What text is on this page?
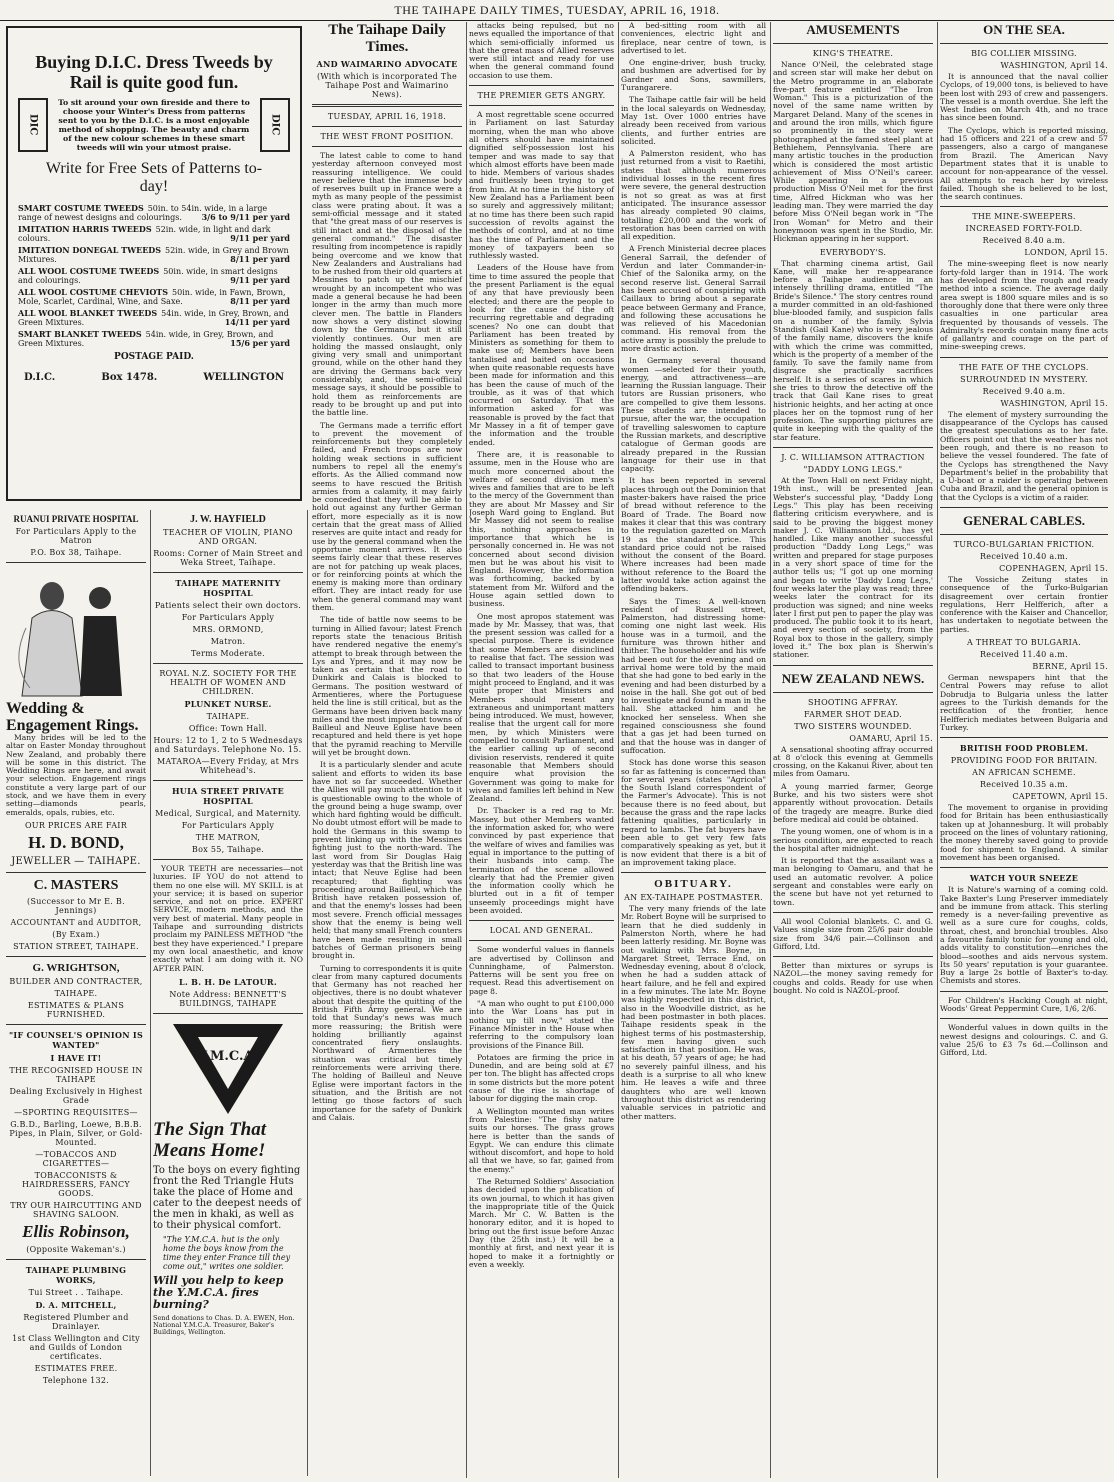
THE TAIHAPE DAILY TIMES, TUESDAY, APRIL 16, 1918.
Buying D.I.C. Dress Tweeds by Rail is quite good fun.
DIC
To sit around your own fireside and there to choose your Winter's Dress from patterns sent to you by the D.I.C. is a most enjoyable method of shopping. The beauty and charm of the new colour schemes in these smart tweeds will win your utmost praise.
DIC
Write for Free Sets of Patterns to-day!
SMART COSTUME TWEEDS 50in. to 54in. wide, in a large range of newest designs and colourings. 3/6 to 9/11 per yard
IMITATION HARRIS TWEEDS 52in. wide, in light and dark colours.	9/11 per yard
IMITATION DONEGAL TWEEDS 52in. wide, in Grey and Brown Mixtures.	8/11 per yard
ALL WOOL COSTUME TWEEDS 50in. wide, in smart designs and colourings.	9/11 per yard
ALL WOOL COSTUME CHEVIOTS 50in. wide, in Fawn, Brown, Mole, Scarlet, Cardinal, Wine, and Saxe.	8/11 per yard
ALL WOOL BLANKET TWEEDS 54in. wide, in Grey, Brown, and Green Mixtures.	14/11 per yard
SMART BLANKET TWEEDS 54in. wide, in Grey, Brown, and Green Mixtures.	15/6 per yard
POSTAGE PAID.
D.I.C.	Box 1478.	WELLINGTON
RUANUI PRIVATE HOSPITAL
For Particulars Apply to the Matron
P.O. Box 38, Taihape.
Wedding & Engagement Rings.

Many brides will be led to the altar on Easter Monday throughout New Zealand, and probably there will be some in this district. The Wedding Rings are here, and await your selection. Engagement rings constitute a very large part of our stock, and we have them in every setting—diamonds pearls, emeralds, opals, rubies, etc.

OUR PRICES ARE FAIR
H. D. BOND,
JEWELLER — TAIHAPE.
C. MASTERS
(Successor to Mr E. B. Jennings)
ACCOUNTANT and AUDITOR,
(By Exam.)
STATION STREET, TAIHAPE.
G. WRIGHTSON,
BUILDER AND CONTRACTER,
TAIHAPE.
ESTIMATES & PLANS FURNISHED.
"IF COUNSEL'S OPINION IS WANTED"
I HAVE IT!
THE RECOGNISED HOUSE IN TAIHAPE
Dealing Exclusively in Highest Grade
—SPORTING REQUISITES—
G.B.D., Barling, Loewe, B.B.B. Pipes, in Plain, Silver, or Gold-Mounted.
—TOBACCOS AND CIGARETTES—
TOBACCONISTS & HAIRDRESSERS, FANCY GOODS.
TRY OUR HAIRCUTTING AND SHAVING SALOON.
Ellis Robinson,
(Opposite Wakeman's.)
TAIHAPE PLUMBING WORKS,
Tui Street . . Taihape.
D. A. MITCHELL,
Registered Plumber and Drainlayer.
1st Class Wellington and City and Guilds of London certificates.
ESTIMATES FREE.
Telephone 132.
J. W. HAYFIELD
TEACHER OF VIOLIN, PIANO AND ORGAN.
Rooms: Corner of Main Street and Weka Street, Taihape.
TAIHAPE MATERNITY HOSPITAL
Patients select their own doctors.
For Particulars Apply
MRS. ORMOND,
Matron.
Terms Moderate.
ROYAL N.Z. SOCIETY FOR THE HEALTH OF WOMEN AND CHILDREN.
PLUNKET NURSE.
TAIHAPE.
Office: Town Hall.
Hours: 12 to 1, 2 to 5 Wednesdays and Saturdays. Telephone No. 15.
MATAROA—Every Friday, at Mrs Whitehead's.
HUIA STREET PRIVATE HOSPITAL
Medical, Surgical, and Maternity.
For Particulars Apply
THE MATRON,
Box 55, Taihape.

YOUR TEETH are necessaries—not luxuries. IF YOU do not attend to them no one else will. MY SKILL is at your service; it is based on superior service, and not on price. EXPERT SERVICE, modern methods, and the very best of material. Many people in Taihape and surrounding districts proclaim my PAINLESS METHOD "the best they have experienced." I prepare my own local anaesthetic, and know exactly what I am doing with it. NO AFTER PAIN.

L. B. H. De LATOUR.
Note Address: BENNETT'S BUILDINGS, TAIHAPE
Y.M.C.A.
The Sign That Means Home!
To the boys on every fighting front the Red Triangle Huts take the place of Home and cater to the deepest needs of the men in khaki, as well as to their physical comfort.
"The Y.M.C.A. hut is the only home the boys know from the time they enter France till they come out," writes one soldier.
Will you help to keep the Y.M.C.A. fires burning?
Send donations to Chas. D. A. EWEN, Hon. National Y.M.C.A. Treasurer, Baker's Buildings, Wellington.
The Taihape Daily Times.
AND WAIMARINO ADVOCATE
(With which is incorporated The Taihape Post and Waimarino News).
TUESDAY, APRIL 16, 1918.
THE WEST FRONT POSITION.

The latest cable to come to hand yesterday afternoon conveyed most reassuring intelligence. We could never believe that the immense body of reserves built up in France were a myth as many people of the pessimist class were prating about. It was a semi-official message and it stated that "the great mass of our reserves is still intact and at the disposal of the general command." The disaster resulting from incompetence is rapidly being overcome and we know that New Zealanders and Australians had to be rushed from their old quarters at Messines to patch up the mischief wrought by an incompetent who was made a general because he had been longer in the army than much more clever men. The battle in Flanders now shows a very distinct slowing down by the Germans, but it still violently continues. Our men are holding the massed onslaught, only giving very small and unimportant ground, while on the other hand they are driving the Germans back very considerably, and, the semi-official message says, it should be possible to hold them as reinforcements are ready to be brought up and put into the battle line.

The Germans made a terrific effort to prevent the movement of reinforcements but they completely failed, and French troops are now holding weak sections in sufficient numbers to repel all the enemy's efforts. As the Allied command now seems to have rescued the British armies from a calamity, it may fairly be conceded that they will be able to hold out against any further German effort, more especially as it is now certain that the great mass of Allied reserves are quite intact and ready for use by the general command when the opportune moment arrives. It also seems fairly clear that these reserves are not for patching up weak places, or for reinforcing points at which the enemy is making more than ordinary effort. They are intact ready for use when the general command may want them.

The tide of battle now seems to be turning in Allied favour; latest French reports state the tenacious British have rendered negative the enemy's attempt to break through between the Lys and Ypres, and it may now be taken as certain that the road to Dunkirk and Calais is blocked to Germans. The position westward of Armentieres, where the Portuguese held the line is still critical, but as the Germans have been driven back many miles and the most important towns of Bailleul and Neuve Eglise have been recaptured and held there is yet hope that the pyramid reaching to Merville will yet be brought down.

It is a particularly slender and acute salient and efforts to widen its base have not so far succeeded. Whether the Allies will pay much attention to it is questionable owing to the whole of the ground being a huge swamp, over which hard fighting would be difficult. No doubt utmost effort will be made to hold the Germans in this swamp to prevent linking up with the Messines fighting just to the north-ward. The last word from Sir Douglas Haig yesterday was that the British line was intact; that Neuve Eglise had been recaptured; that fighting was proceeding around Bailleul, which the British have retaken possession of, and that the enemy's losses had been most severe. French official messages show that the enemy is being well held; that many small French counters have been made resulting in small batches of German prisoners being brought in.

Turning to correspondents it is quite clear from many captured documents that Germany has not reached her objectives, there is no doubt whatever about that despite the quitting of the British Fifth Army general. We are told that Sunday's news was much more reassuring; the British were holding brilliantly against concentrated fiery onslaughts. Northward of Armentieres the situation was critical but timely reinforcements were arriving there. The holding of Bailleul and Neuve Eglise were important factors in the situation, and the British are not letting go those factors of such importance for the safety of Dunkirk and Calais.

attacks being repulsed, but no news equalled the importance of that which semi-officially informed us that the great mass of Allied reserves were still intact and ready for use when the general command found occasion to use them.

THE PREMIER GETS ANGRY.

A most regrettable scene occurred in Parliament on last Saturday morning, when the man who above all others should have maintained dignified self-possession lost his temper and was made to say that which almost efforts have been made to hide. Members of various shades and fruitlessly been trying to get from him. At no time in the history of New Zealand has a Parliament been so surely and aggressively militant; at no time has there been such rapid succession of revolts against the methods of control, and at no time has the time of Parliament and the money of taxpayers been so ruthlessly wasted.

Leaders of the House have from time to time assured the people that the present Parliament is the equal of any that have previously been elected; and there are the people to look for the cause of the oft recurring regrettable and degrading scenes? No one can doubt that Parliament has been treated by Ministers as something for them to make use of; Members have been tantalised and baited on occasions when quite reasonable requests have been made for information and this has been the cause of much of the trouble, as it was of that which occurred on Saturday. That the information asked for was reasonable is proved by the fact that Mr Massey in a fit of temper gave the information and the trouble ended.

There are, it is reasonable to assume, men in the House who are much more concerned about the welfare of second division men's wives and families that are to be left to the mercy of the Government than they are about Mr Massey and Sir Joseph Ward going to England. But Mr Massey did not seem to realise this, nothing approaches in importance that which he is personally concerned in. He was not concerned about second division men but he was about his visit to England. However, the information was forthcoming, backed by a statement from Mr. Wilford and the House again settled down to business.

One most apropos statement was made by Mr. Massey, that was, that the present session was called for a special purpose. There is evidence that some Members are disinclined to realise that fact. The session was called to transact important business so that two leaders of the House might proceed to England, and it was quite proper that Ministers and Members should resent any extraneous and unimportant matters being introduced. We must, however, realise that the urgent call for more men, by which Ministers were compelled to consult Parliament, and the earlier calling up of second division reservists, rendered it quite reasonable that Members should enquire what provision the Government was going to make for wives and families left behind in New Zealand.

Dr. Thacker is a red rag to Mr. Massey, but other Members wanted the information asked for, who were convinced by past experience that the welfare of wives and families was equal in importance to the putting of their husbands into camp. The termination of the scene allowed clearly that had the Premier given the information coolly which he blurted out in a fit of temper unseemly proceedings might have been avoided.

LOCAL AND GENERAL.

Some wonderful values in flannels are advertised by Collinson and Cunninghame, of Palmerston. Patterns will be sent you free on request. Read this advertisement on page 8.

"A man who ought to put £100,000 into the War Loans has put in nothing up till now," stated the Finance Minister in the House when referring to the compulsory loan provisions of the Finance Bill.

Potatoes are firming the price in Dunedin, and are being sold at £7 per ton. The blight has affected crops in some districts but the more potent cause of the rise is shortage of labour for digging the main crop.

A Wellington mounted man writes from Palestine: "The fishy nature suits our horses. The grass grows here is better than the sands of Egypt. We can endure this climate without discomfort, and hope to hold all that we have, so far, gained from the enemy."

The Returned Soldiers' Association has decided upon the publication of its own journal, to which it has given the inappropriate title of the Quick March. Mr C. W. Batten is the honorary editor, and it is hoped to bring out the first issue before Anzac Day (the 25th inst.) It will be a monthly at first, and next year it is hoped to make it a fortnightly or even a weekly.

A bed-sitting room with all conveniences, electric light and fireplace, near centre of town, is advertised to let.

One engine-driver, bush trucky, and bushmen are advertised for by Gardner and Sons, sawmillers, Turangarere.

The Taihape cattle fair will be held in the local saleyards on Wednesday, May 1st. Over 1000 entries have already been received from various clients, and further entries are solicited.

A Palmerston resident, who has just returned from a visit to Raetihi, states that although numerous individual losses in the recent fires were severe, the general destruction is not so great as was at first anticipated. The insurance assessor has already completed 90 claims, totalling £20,000 and the work of restoration has been carried on with all expedition.

A French Ministerial decree places General Sarrail, the defender of Verdun and later Commander-in-Chief of the Salonika army, on the second reserve list. General Sarrail has been accused of conspiring with Caillaux to bring about a separate peace between Germany and France, and following these accusations he was relieved of his Macedonian command. His removal from the active army is possibly the prelude to more drastic action.

In Germany several thousand women —selected for their youth, energy, and attractiveness—are learning the Russian language. Their tutors are Russian prisoners, who are compelled to give them lessons. These students are intended to pursue, after the war, the occupation of travelling saleswomen to capture the Russian markets, and descriptive catalogue of German goods are already prepared in the Russian language for their use in that capacity.

It has been reported in several places through out the Dominion that master-bakers have raised the price of bread without reference to the Board of Trade. The Board now makes it clear that this was contrary to the regulation gazetted on March 19 as the standard price. This standard price could not be raised without the consent of the Board. Where increases had been made without reference to the Board the latter would take action against the offending bakers.

Says the Times: A well-known resident of Russell street, Palmerston, had distressing home-coming one night last week. His house was in a turmoil, and the furniture was thrown hither and thither. The householder and his wife had been out for the evening and on arrival home were told by the maid that she had gone to bed early in the evening and had been disturbed by a noise in the hall. She got out of bed to investigate and found a man in the hall. She attacked him and he knocked her senseless. When she regained consciousness she found that a gas jet had been turned on and that the house was in danger of suffocation.

Stock has done worse this season so far as fattening is concerned than for several years (states "Agricola" the South Island correspondent of the Farmer's Advocate). This is not because there is no feed about, but because the grass and the rape lacks fattening qualities, particularly in regard to lambs. The fat buyers have been able to get very few fats comparatively speaking as yet, but it is now evident that there is a bit of an improvement taking place.

OBITUARY.
AN EX-TAIHAPE POSTMASTER.

The very many friends of the late Mr. Robert Boyne will be surprised to learn that he died suddenly in Palmerston North, where he had been latterly residing. Mr. Boyne was out walking with Mrs. Boyne, in Margaret Street, Terrace End, on Wednesday evening, about 8 o'clock, when he had a sudden attack of heart failure, and he fell and expired in a few minutes. The late Mr. Boyne was highly respected in this district, also in the Woodville district, as he had been postmaster in both places. Taihape residents speak in the highest terms of his postmastership, few men having given such satisfaction in that position. He was, at his death, 57 years of age; he had no severely painful illness, and his death is a surprise to all who knew him. He leaves a wife and three daughters who are well known throughout this district as rendering valuable services in patriotic and other matters.

AMUSEMENTS
KING'S THEATRE.

Nance O'Neil, the celebrated stage and screen star will make her debut on the Metro programme in an elaborate five-part feature entitled "The Iron Woman." This is a picturization of the novel of the same name written by Margaret Deland. Many of the scenes in and around the iron mills, which figure so prominently in the story were photographed at the famed steel plant at Bethlehem, Pennsylvania. There are many artistic touches in the production which is considered the most artistic achievement of Miss O'Neil's career. While appearing in a previous production Miss O'Neil met for the first time, Alfred Hickman who was her leading man. They were married the day before Miss O'Neil began work in "The Iron Woman" for Metro and their honeymoon was spent in the Studio, Mr. Hickman appearing in her support.

EVERYBODY'S.

That charming cinema artist, Gail Kane, will make her re-appearance before a Taihape audience in an intensely thrilling drama, entitled "The Bride's Silence." The story centres round a murder committed in an old-fashioned blue-blooded family, and suspicion falls on a number of the family. Sylvia Standish (Gail Kane) who is very jealous of the family name, discovers the knife with which the crime was committed, which is the property of a member of the family. To save the family name from disgrace she practically sacrifices herself. It is a series of scares in which she tries to throw the detective off the track that Gail Kane rises to great histrionic heights, and her acting at once places her on the topmost rung of her profession. The supporting pictures are quite in keeping with the quality of the star feature.

J. C. WILLIAMSON ATTRACTION
"DADDY LONG LEGS."

At the Town Hall on next Friday night, 19th inst., will be presented Jean Webster's successful play, "Daddy Long Legs." This play has been receiving flattering criticism everywhere, and is said to be proving the biggest money maker J. C. Williamson Ltd., has yet handled. Like many another successful production "Daddy Long Legs," was written and prepared for stage purposes in a very short space of time for the author tells us; "I got up one morning and began to write 'Daddy Long Legs,' four weeks later the play was read; three weeks later the contract for its production was signed; and nine weeks later I first put pen to paper the play was produced. The public took it to its heart, and every section of society, from the Royal box to those in the gallery, simply loved it." The box plan is Sherwin's stationer.

NEW ZEALAND NEWS.
SHOOTING AFFRAY.
FARMER SHOT DEAD.
TWO SISTERS WOUNDED.
OAMARU, April 15.

A sensational shooting affray occurred at 8 o'clock this evening at Gemmells crossing, on the Kakanui River, about ten miles from Oamaru.

A young married farmer, George Burke, and his two sisters were shot apparently without provocation. Details of the tragedy are meagre. Burke died before medical aid could be obtained.

The young women, one of whom is in a serious condition, are expected to reach the hospital after midnight.

It is reported that the assailant was a man belonging to Oamaru, and that he used an automatic revolver. A police sergeant and constables were early on the scene but have not yet returned to town.

All wool Colonial blankets. C. and G. Values single size from 25/6 pair double size from 34/6 pair.—Collinson and Gifford, Ltd.

Better than mixtures or syrups is NAZOL—the money saving remedy for coughs and colds. Ready for use when bought. No cold is NAZOL-proof.

ON THE SEA.
BIG COLLIER MISSING.
WASHINGTON, April 14.

It is announced that the naval collier Cyclops, of 19,000 tons, is believed to have been lost with 293 of crew and passengers. The vessel is a month overdue. She left the West Indies on March 4th, and no trace has since been found.

The Cyclops, which is reported missing, had 15 officers and 221 of a crew and 57 passengers, also a cargo of manganese from Brazil. The American Navy Department states that it is unable to account for non-appearance of the vessel. All attempts to reach her by wireless failed. Though she is believed to be lost, the search continues.

THE MINE-SWEEPERS.
INCREASED FORTY-FOLD.
Received 8.40 a.m.
LONDON, April 15.

The mine-sweeping fleet is now nearly forty-fold larger than in 1914. The work has developed from the rough and ready method into a science. The average daily area swept is 1800 square miles and is so thoroughly done that there were only three casualties in one particular area frequented by thousands of vessels. The Admiralty's records contain many fine acts of gallantry and courage on the part of mine-sweeping crews.

THE FATE OF THE CYCLOPS.
SURROUNDED IN MYSTERY.
Received 9.40 a.m.
WASHINGTON, April 15.

The element of mystery surrounding the disappearance of the Cyclops has caused the greatest speculations as to her fate. Officers point out that the weather has not been rough, and there is no reason to believe the vessel foundered. The fate of the Cyclops has strengthened the Navy Department's belief in the probability that a U-boat or a raider is operating between Cuba and Brazil, and the general opinion is that the Cyclops is a victim of a raider.

GENERAL CABLES.
TURCO-BULGARIAN FRICTION.
Received 10.40 a.m.
COPENHAGEN, April 15.

The Vossiche Zeitung states in consequence of the Turko-Bulgarian disagreement over certain frontier regulations, Herr Helfferich, after a conference with the Kaiser and Chancellor, has undertaken to negotiate between the parties.

A THREAT TO BULGARIA.
Received 11.40 a.m.
BERNE, April 15.

German newspapers hint that the Central Powers may refuse to allot Dobrudja to Bulgaria unless the latter agrees to the Turkish demands for the rectification of the frontier, hence Helfferich mediates between Bulgaria and Turkey.

BRITISH FOOD PROBLEM.
PROVIDING FOOD FOR BRITAIN.
AN AFRICAN SCHEME.
Received 10.35 a.m.
CAPETOWN, April 15.

The movement to organise in providing food for Britain has been enthusiastically taken up at Johannesburg. It will probably proceed on the lines of voluntary rationing, the money thereby saved going to provide food for shipment to England. A similar movement has been organised.

WATCH YOUR SNEEZE

It is Nature's warning of a coming cold. Take Baxter's Lung Preserver immediately and be immune from attack. This sterling remedy is a never-failing preventive as well as a sure cure for coughs, colds, throat, chest, and bronchial troubles. Also a favourite family tonic for young and old, adds vitality to constitution—enriches the blood—soothes and aids nervous system. Its 50 years' reputation is your guarantee. Buy a large 2s bottle of Baxter's to-day. Chemists and stores.

For Children's Hacking Cough at night, Woods' Great Peppermint Cure, 1/6, 2/6.

Wonderful values in down quilts in the newest designs and colourings. C. and G. value 25/6 to £3 7s 6d.—Collinson and Gifford, Ltd.
